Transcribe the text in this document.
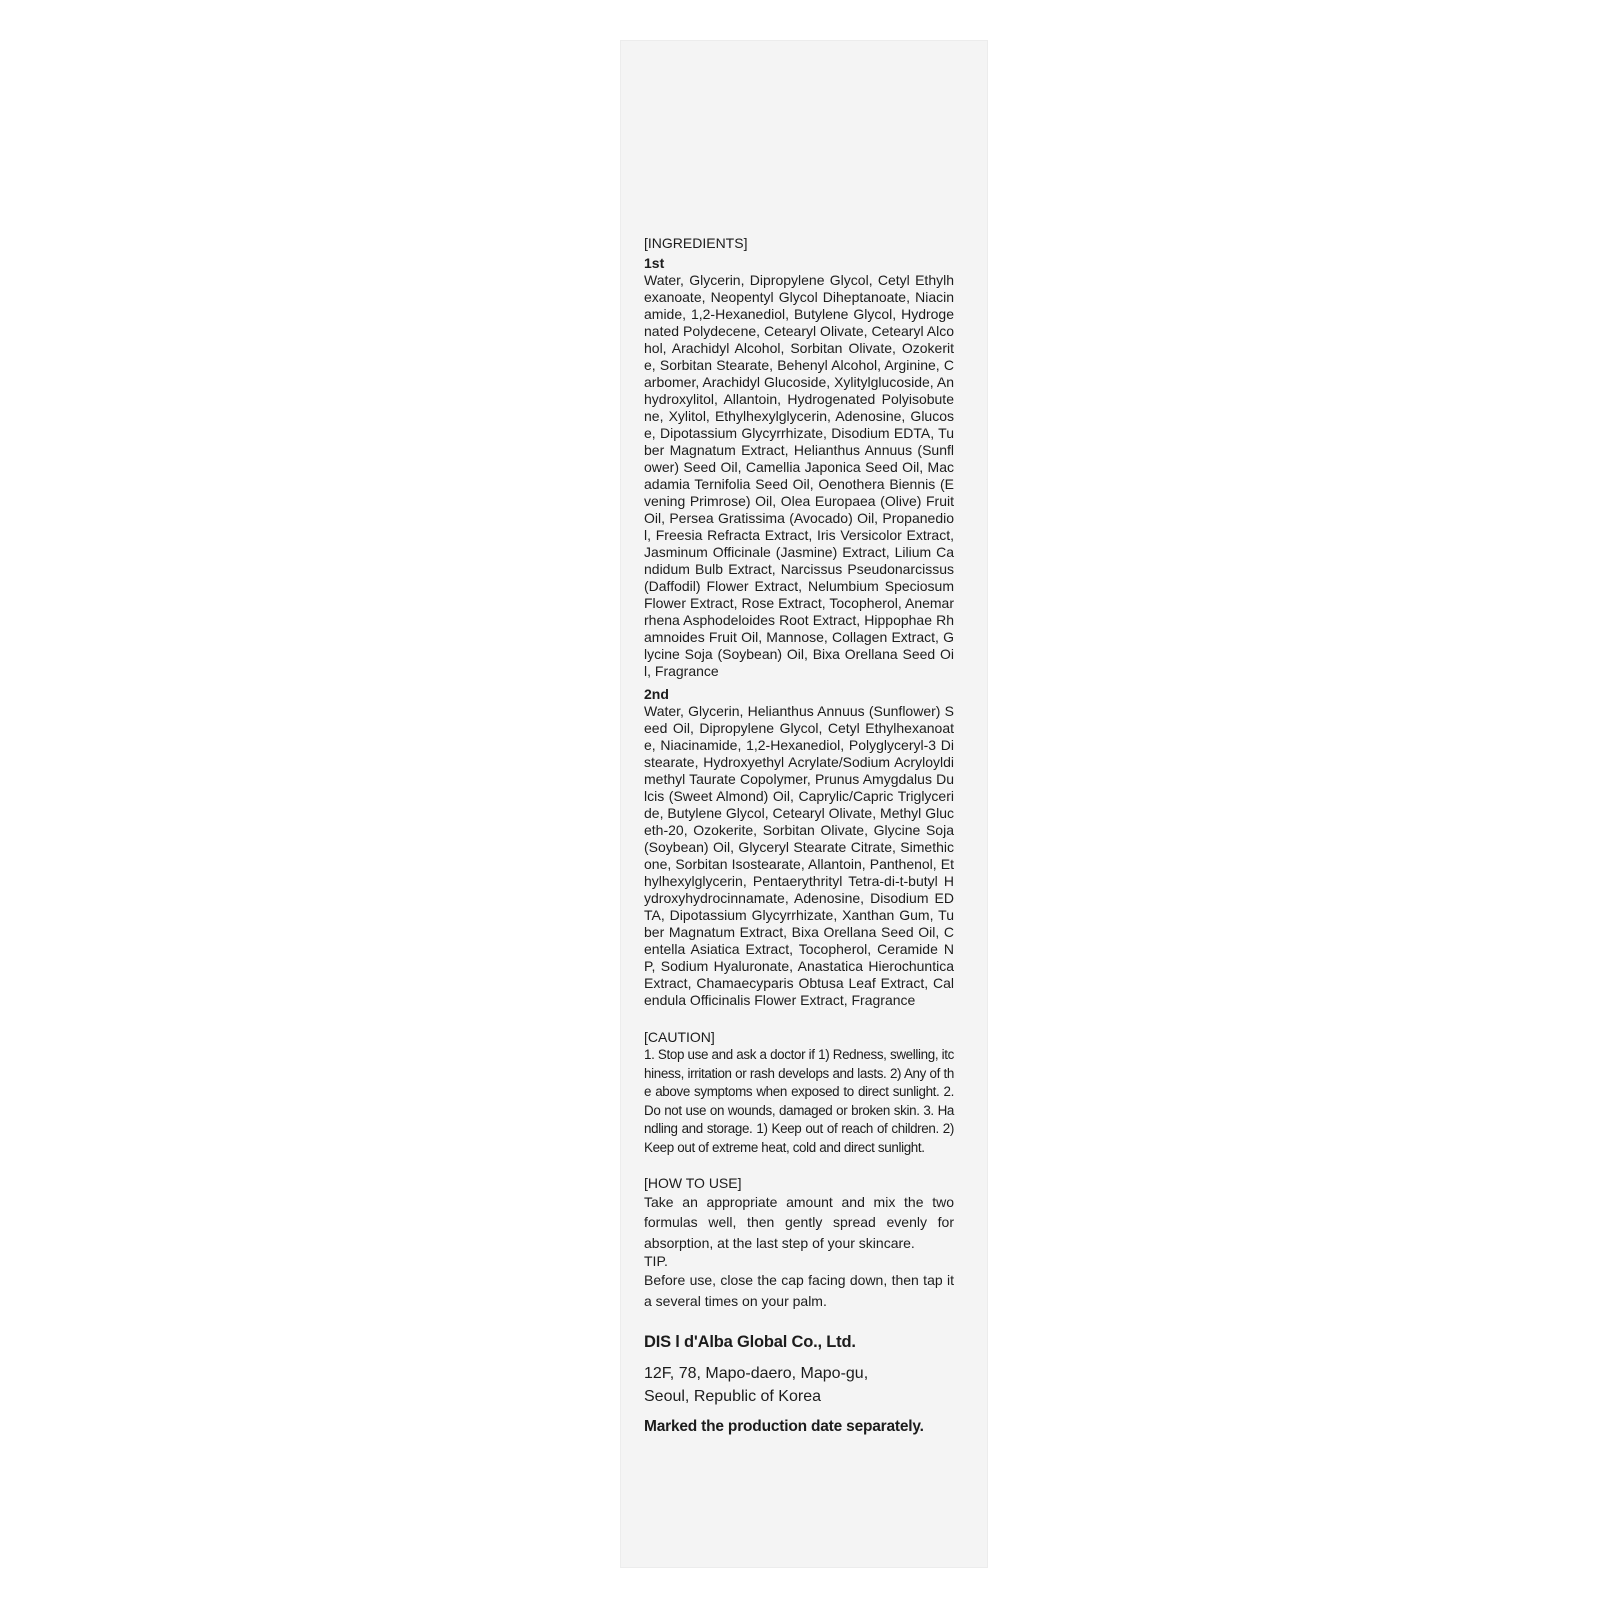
[INGREDIENTS]

1st

Water, Glycerin, Dipropylene Glycol, Cetyl Ethylhexanoate, Neopentyl Glycol Diheptanoate, Niacinamide, 1,2-Hexanediol, Butylene Glycol, Hydrogenated Polydecene, Cetearyl Olivate, Cetearyl Alcohol, Arachidyl Alcohol, Sorbitan Olivate, Ozokerite, Sorbitan Stearate, Behenyl Alcohol, Arginine, Carbomer, Arachidyl Glucoside, Xylitylglucoside, Anhydroxylitol, Allantoin, Hydrogenated Polyisobutene, Xylitol, Ethylhexylglycerin, Adenosine, Glucose, Dipotassium Glycyrrhizate, Disodium EDTA, Tuber Magnatum Extract, Helianthus Annuus (Sunflower) Seed Oil, Camellia Japonica Seed Oil, Macadamia Ternifolia Seed Oil, Oenothera Biennis (Evening Primrose) Oil, Olea Europaea (Olive) Fruit Oil, Persea Gratissima (Avocado) Oil, Propanediol, Freesia Refracta Extract, Iris Versicolor Extract, Jasminum Officinale (Jasmine) Extract, Lilium Candidum Bulb Extract, Narcissus Pseudonarcissus (Daffodil) Flower Extract, Nelumbium Speciosum Flower Extract, Rose Extract, Tocopherol, Anemarrhena Asphodeloides Root Extract, Hippophae Rhamnoides Fruit Oil, Mannose, Collagen Extract, Glycine Soja (Soybean) Oil, Bixa Orellana Seed Oil, Fragrance

2nd

Water, Glycerin, Helianthus Annuus (Sunflower) Seed Oil, Dipropylene Glycol, Cetyl Ethylhexanoate, Niacinamide, 1,2-Hexanediol, Polyglyceryl-3 Distearate, Hydroxyethyl Acrylate/Sodium Acryloyldimethyl Taurate Copolymer, Prunus Amygdalus Dulcis (Sweet Almond) Oil, Caprylic/Capric Triglyceride, Butylene Glycol, Cetearyl Olivate, Methyl Gluceth-20, Ozokerite, Sorbitan Olivate, Glycine Soja (Soybean) Oil, Glyceryl Stearate Citrate, Simethicone, Sorbitan Isostearate, Allantoin, Panthenol, Ethylhexylglycerin, Pentaerythrityl Tetra-di-t-butyl Hydroxyhydrocinnamate, Adenosine, Disodium EDTA, Dipotassium Glycyrrhizate, Xanthan Gum, Tuber Magnatum Extract, Bixa Orellana Seed Oil, Centella Asiatica Extract, Tocopherol, Ceramide NP, Sodium Hyaluronate, Anastatica Hierochuntica Extract, Chamaecyparis Obtusa Leaf Extract, Calendula Officinalis Flower Extract, Fragrance

[CAUTION]

1. Stop use and ask a doctor if 1) Redness, swelling, itchiness, irritation or rash develops and lasts. 2) Any of the above symptoms when exposed to direct sunlight. 2. Do not use on wounds, damaged or broken skin. 3. Handling and storage. 1) Keep out of reach of children. 2) Keep out of extreme heat, cold and direct sunlight.

[HOW TO USE]

Take an appropriate amount and mix the two formulas well, then gently spread evenly for absorption, at the last step of your skincare.

TIP.

Before use, close the cap facing down, then tap it a several times on your palm.

DIS l d'Alba Global Co., Ltd.

12F, 78, Mapo-daero, Mapo-gu,
Seoul, Republic of Korea

Marked the production date separately.
